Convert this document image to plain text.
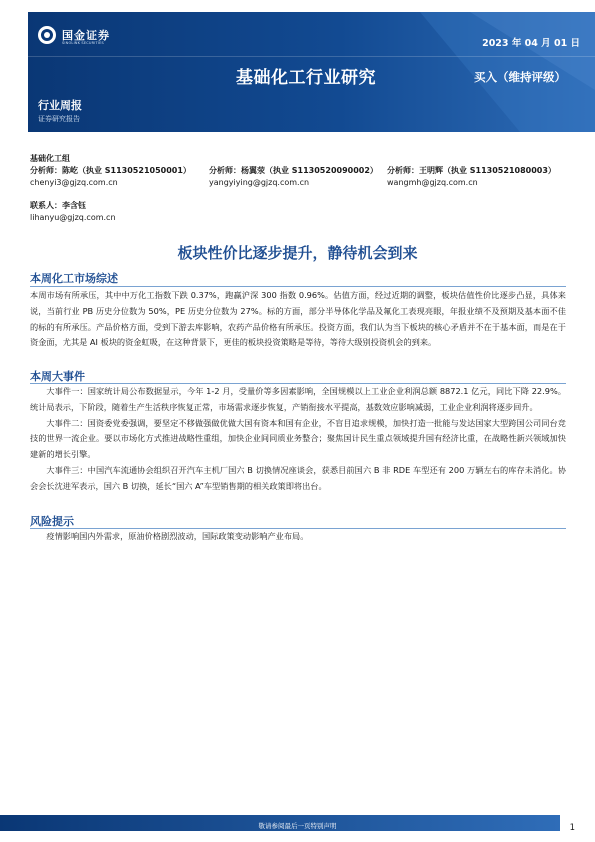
国金证券
SINOLINK SECURITIES	2023 年 04 月 01 日
基础化工行业研究	买入（维持评级）
行业周报
证券研究报告
基础化工组
分析师：陈屹（执业 S1130521050001）
chenyi3@gjzq.com.cn
分析师：杨翼荥（执业 S1130520090002）
yangyiying@gjzq.com.cn
分析师：王明辉（执业 S1130521080003）
wangmh@gjzq.com.cn
联系人：李含钰
lihanyu@gjzq.com.cn
板块性价比逐步提升，静待机会到来
本周化工市场综述

本周市场有所承压，其中中万化工指数下跌 0.37%，跑赢沪深 300 指数 0.96%。估值方面，经过近期的调整，板块估值性价比逐步凸显，具体来说，当前行业 PB 历史分位数为 50%，PE 历史分位数为 27%。标的方面，部分半导体化学品及氟化工表现亮眼，年报业绩不及预期及基本面不佳的标的有所承压。产品价格方面，受到下游去库影响，农药产品价格有所承压。投资方面，我们认为当下板块的核心矛盾并不在于基本面，而是在于资金面，尤其是 AI 板块的资金虹吸，在这种背景下，更佳的板块投资策略是等待，等待大级别投资机会的到来。

本周大事件

大事件一：国家统计局公布数据显示，今年 1-2 月，受量价等多因素影响，全国规模以上工业企业利润总额 8872.1 亿元，同比下降 22.9%。统计局表示，下阶段，随着生产生活秩序恢复正常，市场需求逐步恢复，产销衔接水平提高，基数效应影响减弱，工业企业利润将逐步回升。

大事件二：国资委党委强调，要坚定不移做强做优做大国有资本和国有企业，不盲目追求规模，加快打造一批能与发达国家大型跨国公司同台竞技的世界一流企业。要以市场化方式推进战略性重组，加快企业间同质业务整合；聚焦国计民生重点领域提升国有经济比重，在战略性新兴领域加快建新的增长引擎。

大事件三：中国汽车流通协会组织召开汽车主机厂国六 B 切换情况座谈会，获悉目前国六 B 非 RDE 车型还有 200 万辆左右的库存未消化。协会会长沈进军表示，国六 B 切换，延长“国六 A”车型销售期的相关政策即将出台。

风险提示

疫情影响国内外需求，原油价格剧烈波动，国际政策变动影响产业布局。

敬请参阅最后一页特别声明	1
